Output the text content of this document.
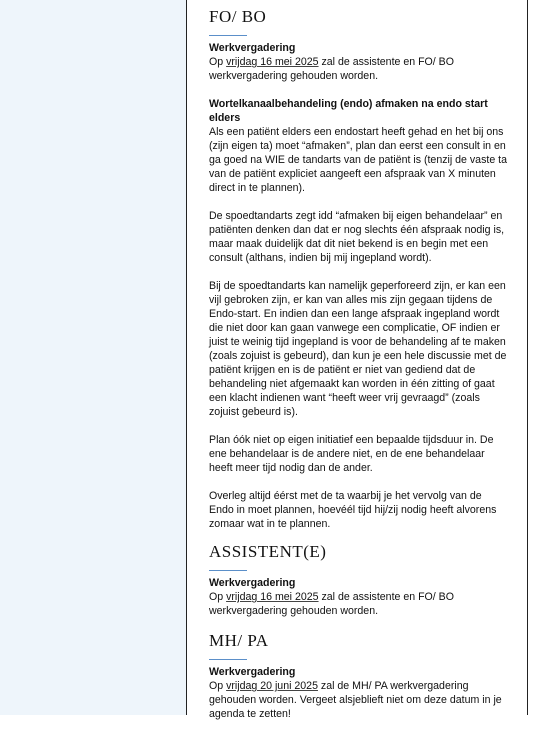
FO/ BO
Werkvergadering

Op vrijdag 16 mei 2025 zal de assistente en FO/ BO werkvergadering gehouden worden.

Wortelkanaalbehandeling (endo) afmaken na endo start elders

Als een patiënt elders een endostart heeft gehad en het bij ons (zijn eigen ta) moet “afmaken”, plan dan eerst een consult in en ga goed na WIE de tandarts van de patiënt is (tenzij de vaste ta van de patiënt expliciet aangeeft een afspraak van X minuten direct in te plannen).

De spoedtandarts zegt idd “afmaken bij eigen behandelaar” en patiënten denken dan dat er nog slechts één afspraak nodig is, maar maak duidelijk dat dit niet bekend is en begin met een consult (althans, indien bij mij ingepland wordt).

Bij de spoedtandarts kan namelijk geperforeerd zijn, er kan een vijl gebroken zijn, er kan van alles mis zijn gegaan tijdens de Endo-start. En indien dan een lange afspraak ingepland wordt die niet door kan gaan vanwege een complicatie, OF indien er juist te weinig tijd ingepland is voor de behandeling af te maken (zoals zojuist is gebeurd), dan kun je een hele discussie met de patiënt krijgen en is de patiënt er niet van gediend dat de behandeling niet afgemaakt kan worden in één zitting of gaat een klacht indienen want “heeft weer vrij gevraagd” (zoals zojuist gebeurd is).

Plan óók niet op eigen initiatief een bepaalde tijdsduur in. De ene behandelaar is de andere niet, en de ene behandelaar heeft meer tijd nodig dan de ander.

Overleg altijd éérst met de ta waarbij je het vervolg van de Endo in moet plannen, hoevéél tijd hij/zij nodig heeft alvorens zomaar wat in te plannen.

ASSISTENT(E)
Werkvergadering

Op vrijdag 16 mei 2025 zal de assistente en FO/ BO werkvergadering gehouden worden.

MH/ PA
Werkvergadering

Op vrijdag 20 juni 2025 zal de MH/ PA werkvergadering gehouden worden. Vergeet alsjeblieft niet om deze datum in je agenda te zetten!
